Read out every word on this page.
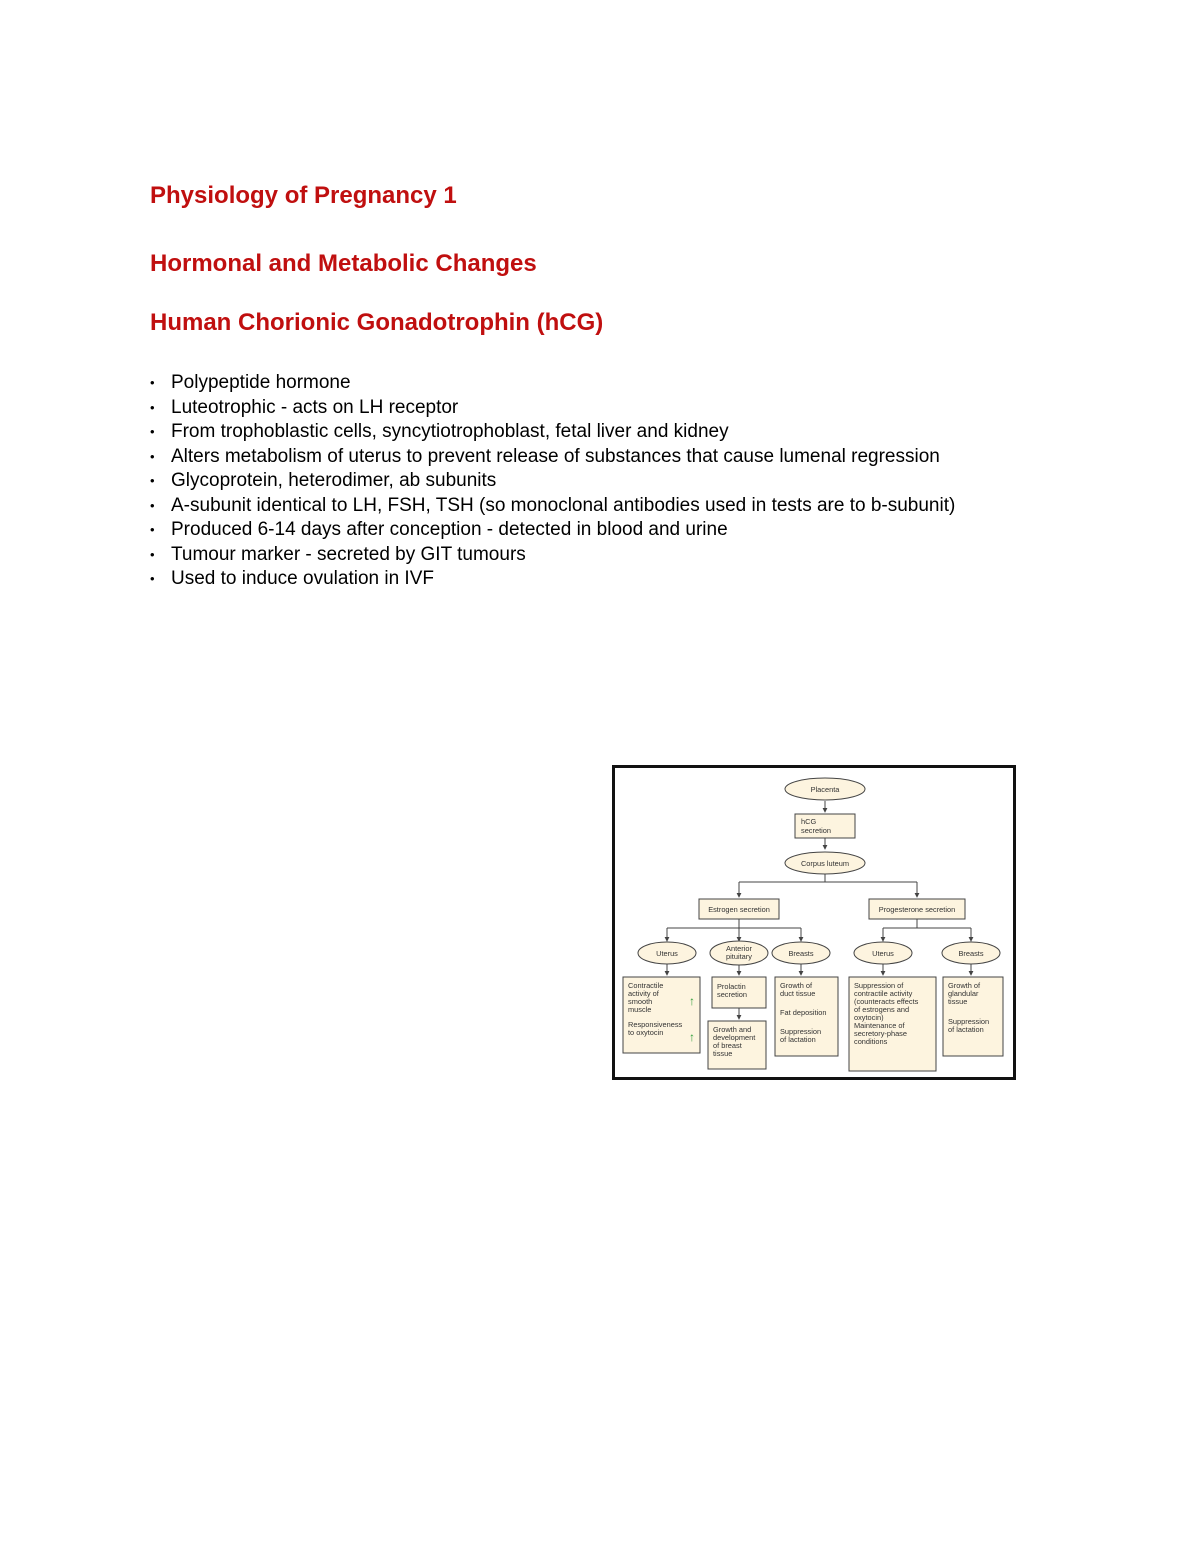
Physiology of Pregnancy 1
Hormonal and Metabolic Changes
Human Chorionic Gonadotrophin (hCG)
• Polypeptide hormone
• Luteotrophic - acts on LH receptor
• From trophoblastic cells, syncytiotrophoblast, fetal liver and kidney
• Alters metabolism of uterus to prevent release of substances that cause lumenal regression
• Glycoprotein, heterodimer, ab subunits
• A-subunit identical to LH, FSH, TSH (so monoclonal antibodies used in tests are to b-subunit)
• Produced 6-14 days after conception - detected in blood and urine
• Tumour marker - secreted by GIT tumours
• Used to induce ovulation in IVF
Placenta
hCG
secretion
Corpus luteum
Estrogen secretion	Progesterone secretion
Uterus
Anterior
pituitary	Breasts	Uterus	Breasts
Contractile
activity of
smooth
muscle
Responsiveness
to oxytocin
↑
↑
Prolactin
secretion
Growth and
development
of breast
tissue
Growth of
duct tissue
Fat deposition
Suppression
of lactation
Suppression of
contractile activity
(counteracts effects
of estrogens and
oxytocin)
Maintenance of
secretory-phase
conditions
Growth of
glandular
tissue
Suppression
of lactation
